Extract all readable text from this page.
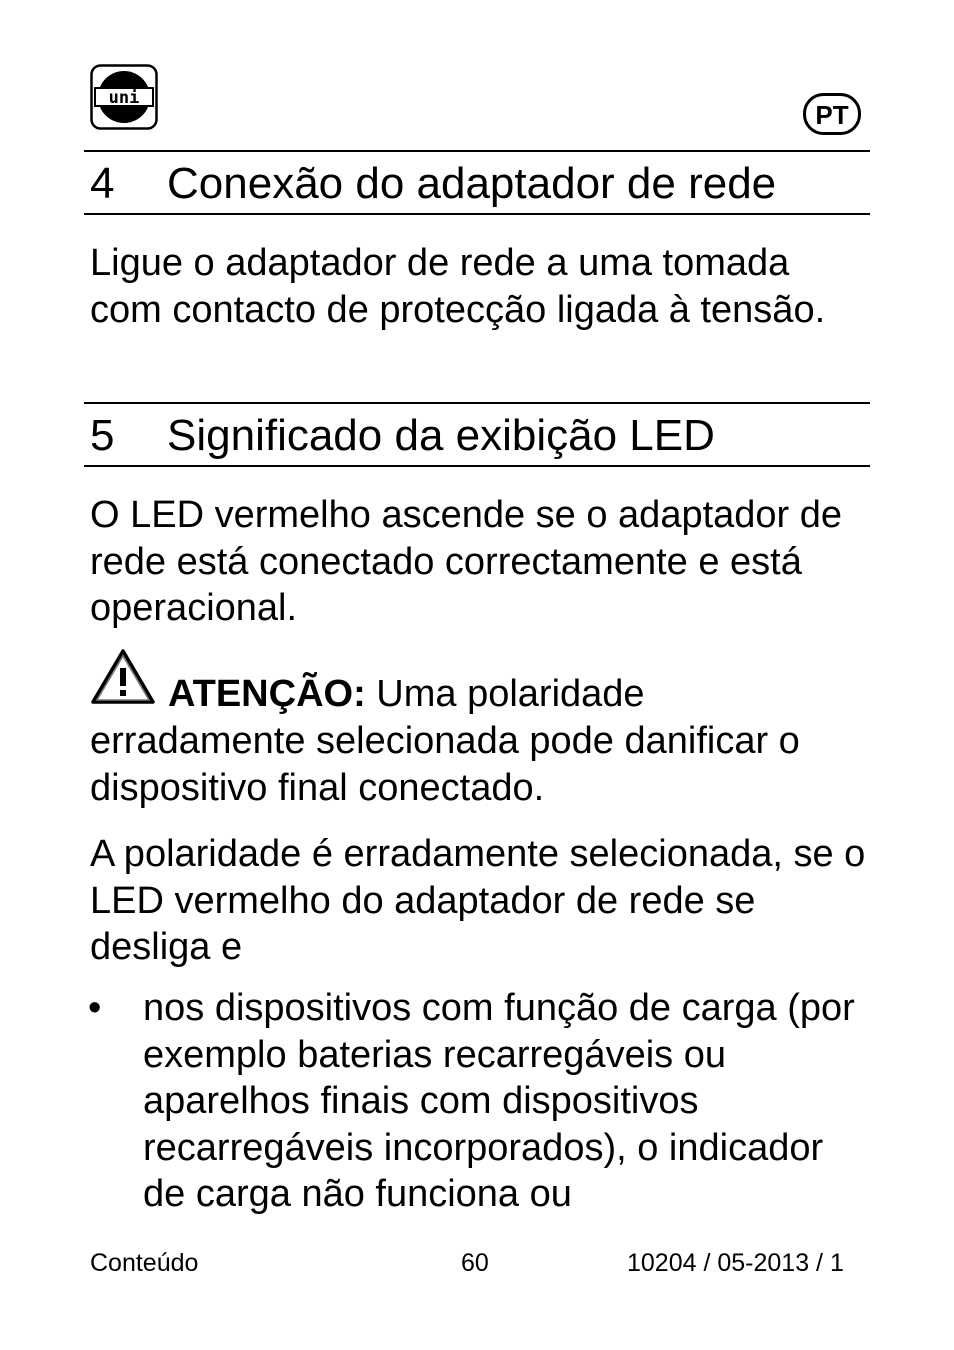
uni
PT
4 Conexão do adaptador de rede

Ligue o adaptador de rede a uma tomada com contacto de protecção ligada à tensão.

5 Significado da exibição LED

O LED vermelho ascende se o adaptador de rede está conectado correctamente e está operacional.

ATENÇÃO: Uma polaridade

erradamente selecionada pode danificar o dispositivo final conectado.

A polaridade é erradamente selecionada, se o LED vermelho do adaptador de rede se desliga e

• nos dispositivos com função de carga (por exemplo baterias recarregáveis ou aparelhos finais com dispositivos recarregáveis incorporados), o indicador de carga não funciona ou

Conteúdo	60	10204 / 05-2013 / 1
